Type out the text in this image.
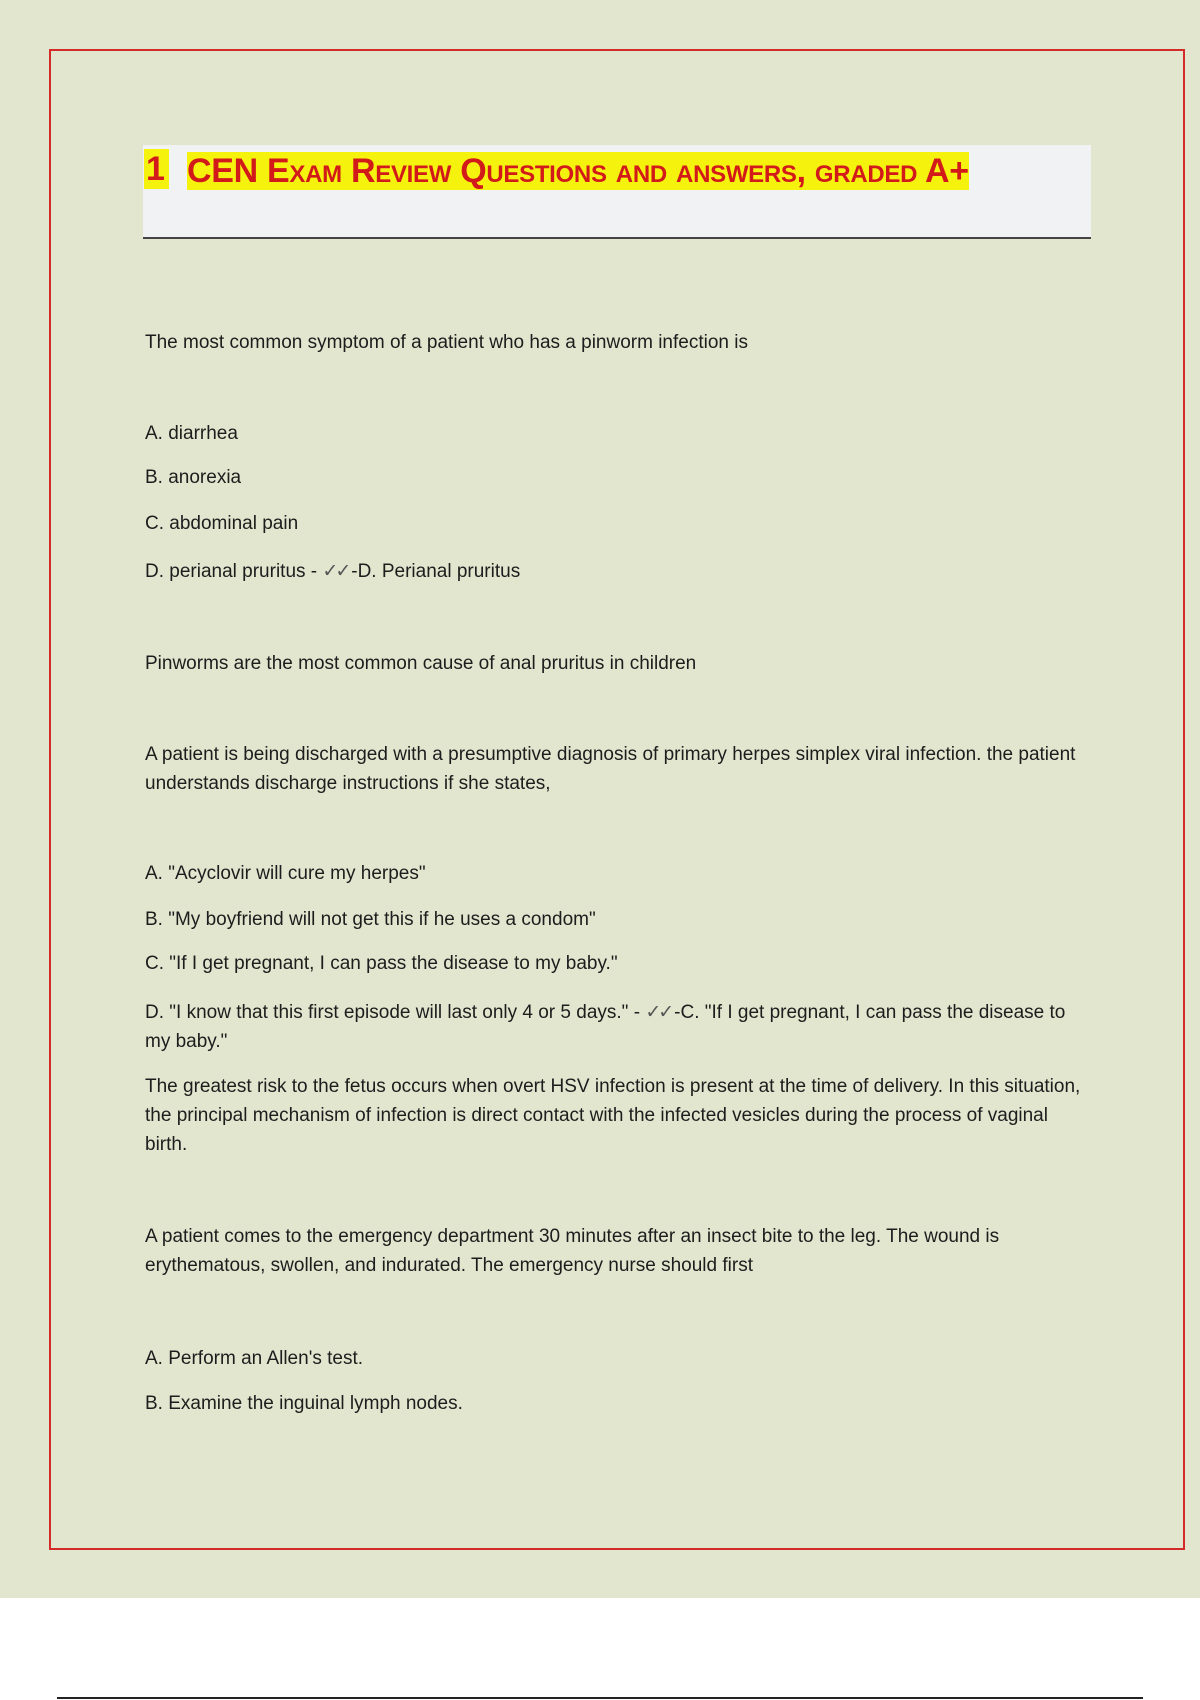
1 CEN Exam Review Questions and answers, graded A+
The most common symptom of a patient who has a pinworm infection is
A. diarrhea
B. anorexia
C. abdominal pain
D. perianal pruritus - ✓✓ -D. Perianal pruritus
Pinworms are the most common cause of anal pruritus in children
A patient is being discharged with a presumptive diagnosis of primary herpes simplex viral infection. the patient understands discharge instructions if she states,
A. "Acyclovir will cure my herpes"
B. "My boyfriend will not get this if he uses a condom"
C. "If I get pregnant, I can pass the disease to my baby."
D. "I know that this first episode will last only 4 or 5 days." - ✓✓ -C. "If I get pregnant, I can pass the disease to my baby."
The greatest risk to the fetus occurs when overt HSV infection is present at the time of delivery. In this situation, the principal mechanism of infection is direct contact with the infected vesicles during the process of vaginal birth.
A patient comes to the emergency department 30 minutes after an insect bite to the leg. The wound is erythematous, swollen, and indurated. The emergency nurse should first
A. Perform an Allen's test.
B. Examine the inguinal lymph nodes.
